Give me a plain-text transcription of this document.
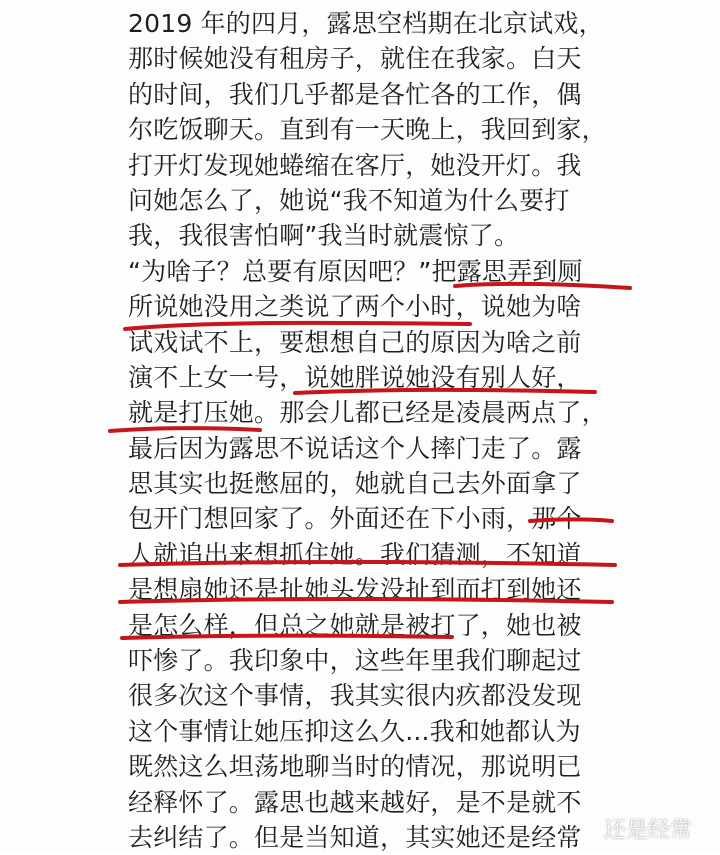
2019 年的四月，露思空档期在北京试戏，
那时候她没有租房子，就住在我家。白天
的时间，我们几乎都是各忙各的工作，偶
尔吃饭聊天。直到有一天晚上，我回到家，
打开灯发现她蜷缩在客厅，她没开灯。我
问她怎么了，她说“我不知道为什么要打
我，我很害怕啊”我当时就震惊了。
“为啥子？总要有原因吧？”把露思弄到厕
所说她没用之类说了两个小时，说她为啥
试戏试不上，要想想自己的原因为啥之前
演不上女一号，说她胖说她没有别人好，
就是打压她。那会儿都已经是凌晨两点了，
最后因为露思不说话这个人摔门走了。露
思其实也挺憋屈的，她就自己去外面拿了
包开门想回家了。外面还在下小雨，那个
人就追出来想抓住她。我们猜测，不知道
是想扇她还是扯她头发没扯到而打到她还
是怎么样，但总之她就是被打了，她也被
吓惨了。我印象中，这些年里我们聊起过
很多次这个事情，我其实很内疚都没发现
这个事情让她压抑这么久...我和她都认为
既然这么坦荡地聊当时的情况，那说明已
经释怀了。露思也越来越好，是不是就不
去纠结了。但是当知道，其实她还是经常	还是经常
